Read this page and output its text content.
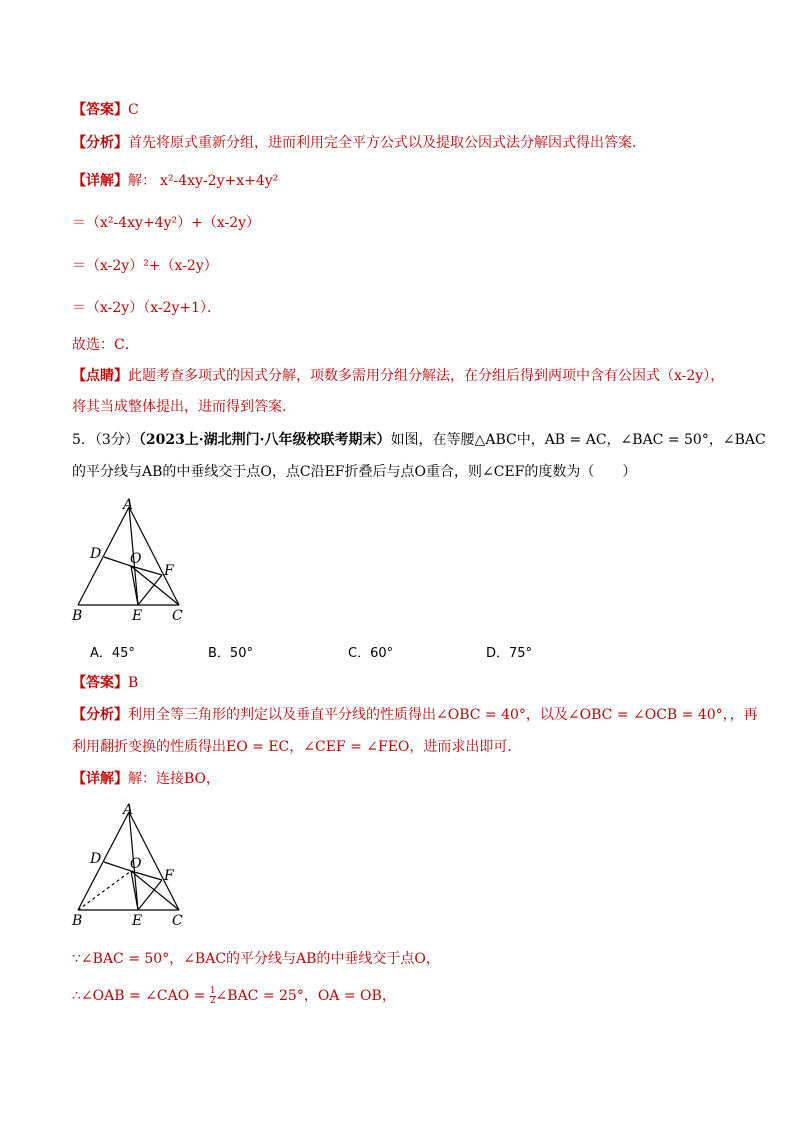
【答案】C
【分析】首先将原式重新分组，进而利用完全平方公式以及提取公因式法分解因式得出答案．
【详解】解： x²-4xy-2y+x+4y²
＝（x²-4xy+4y²）+（x-2y）
＝（x-2y）²+（x-2y）
＝（x-2y）（x-2y+1）．
故选：C．
【点睛】此题考查多项式的因式分解，项数多需用分组分解法，在分组后得到两项中含有公因式（x-2y），
将其当成整体提出，进而得到答案.
5．（3分）（2023上·湖北荆门·八年级校联考期末）如图，在等腰△ABC中，AB = AC，∠BAC = 50°，∠BAC
的平分线与AB的中垂线交于点O，点C沿EF折叠后与点O重合，则∠CEF的度数为（　　）
A
D O
F
B	E C
A．45°	B．50°	C．60°	D．75°
【答案】B
【分析】利用全等三角形的判定以及垂直平分线的性质得出∠OBC = 40°，以及∠OBC = ∠OCB = 40°，，再
利用翻折变换的性质得出EO = EC，∠CEF = ∠FEO，进而求出即可．
【详解】解：连接BO，
A
D O
F
B	E C
∵∠BAC = 50°，∠BAC的平分线与AB的中垂线交于点O，
∴∠OAB = ∠CAO = $\frac{1}{2}$ ∠BAC = 25°，OA = OB，
